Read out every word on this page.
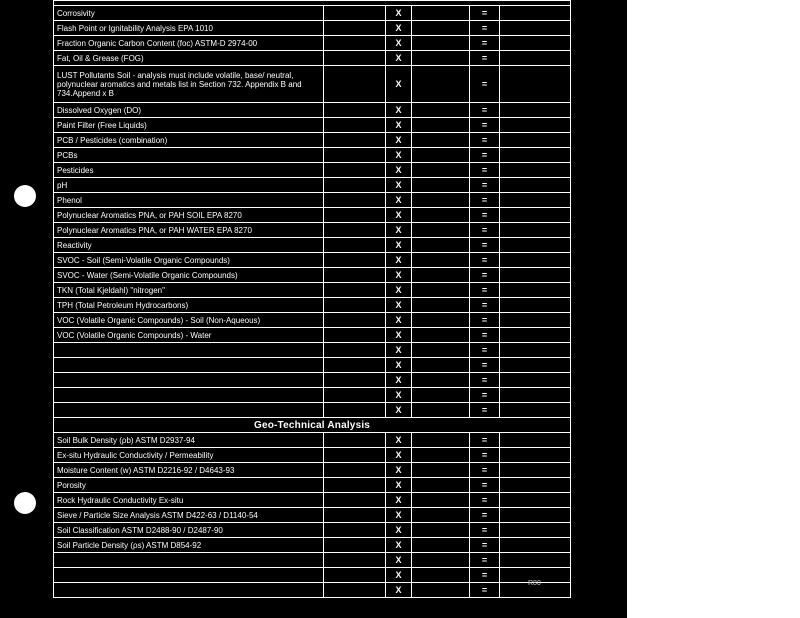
Corrosivity		X		=	
Flash Point or Ignitability Analysis EPA 1010		X		=	
Fraction Organic Carbon Content (foc) ASTM-D 2974-00		X		=	
Fat, Oil & Grease (FOG)		X		=	
LUST Pollutants Soil - analysis must include volatile, base/ neutral, polynuclear aromatics and metals list in Section 732. Appendix B and 734.Append x B		X		=	
Dissolved Oxygen (DO)		X		=	
Paint Filter (Free Liquids)		X		=	
PCB / Pesticides (combination)		X		=	
PCBs		X		=	
Pesticides		X		=	
pH		X		=	
Phenol		X		=	
Polynuclear Aromatics PNA, or PAH SOIL EPA 8270		X		=	
Polynuclear Aromatics PNA, or PAH WATER EPA 8270		X		=	
Reactivity		X		=	
SVOC - Soil (Semi-Volatile Organic Compounds)		X		=	
SVOC - Water (Semi-Volatile Organic Compounds)		X		=	
TKN (Total Kjeldahl) "nitrogen"		X		=	
TPH (Total Petroleum Hydrocarbons)		X		=	
VOC (Volatile Organic Compounds) - Soil (Non-Aqueous)		X		=	
VOC (Volatile Organic Compounds) - Water		X		=	
		X		=	
		X		=	
		X		=	
		X		=	
		X		=	
Geo-Technical Analysis					
Soil Bulk Density (ρb) ASTM D2937-94		X		=	
Ex-situ Hydraulic Conductivity / Permeability		X		=	
Moisture Content (w) ASTM D2216-92 / D4643-93		X		=	
Porosity		X		=	
Rock Hydraulic Conductivity Ex-situ		X		=	
Sieve / Particle Size Analysis ASTM D422-63 / D1140-54		X		=	
Soil Classification ASTM D2488-90 / D2487-90		X		=	
Soil Particle Density (ρs) ASTM D854-92		X		=	
		X		=	
		X		=	
		X		=	
R80
